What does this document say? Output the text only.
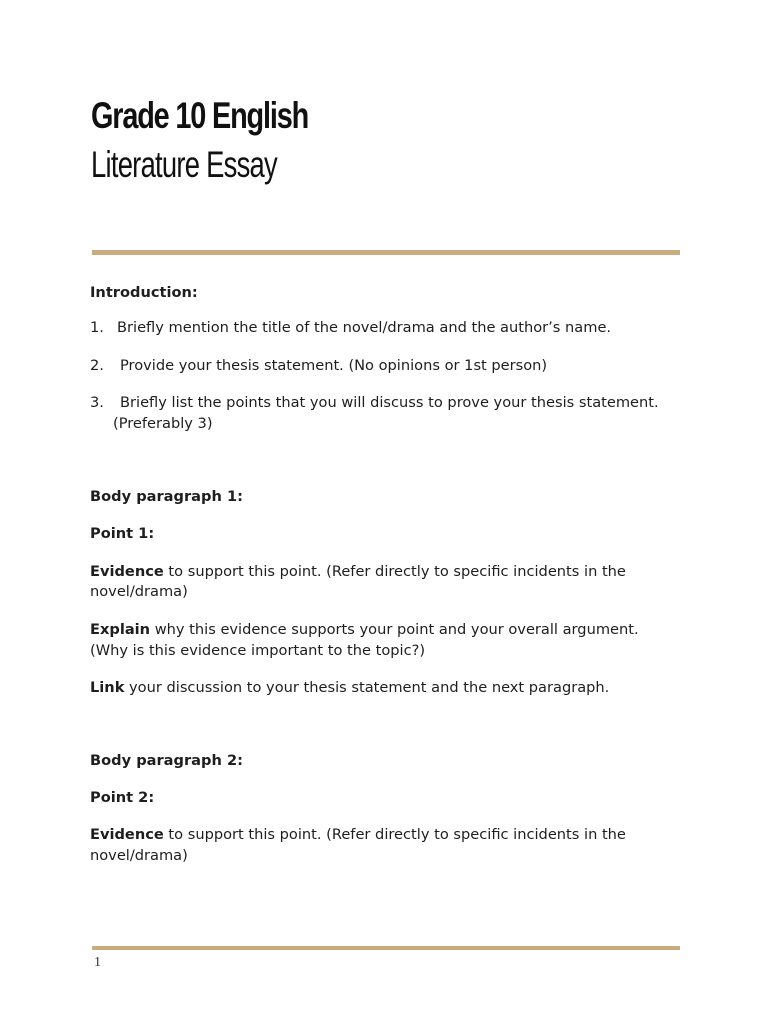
Grade 10 English
Literature Essay
Introduction:
1. Briefly mention the title of the novel/drama and the author’s name.
2. Provide your thesis statement. (No opinions or 1st person)
3. Briefly list the points that you will discuss to prove your thesis statement.
(Preferably 3)
Body paragraph 1:
Point 1:
Evidence to support this point. (Refer directly to specific incidents in the
novel/drama)
Explain why this evidence supports your point and your overall argument.
(Why is this evidence important to the topic?)
Link your discussion to your thesis statement and the next paragraph.
Body paragraph 2:
Point 2:
Evidence to support this point. (Refer directly to specific incidents in the
novel/drama)
1
